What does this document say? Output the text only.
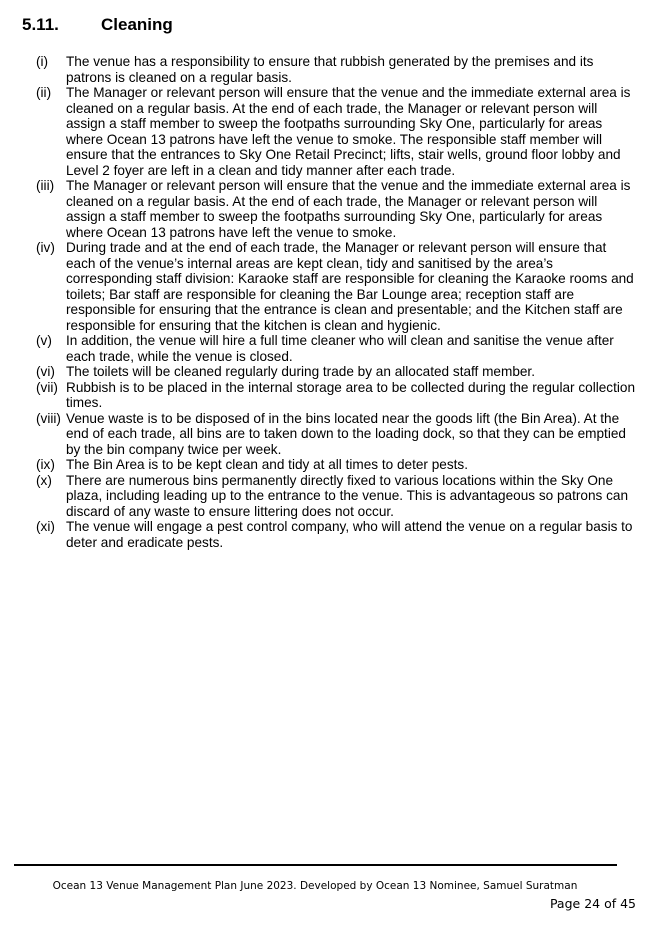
5.11.	Cleaning
(i)	The venue has a responsibility to ensure that rubbish generated by the premises and its patrons is cleaned on a regular basis.
(ii)	The Manager or relevant person will ensure that the venue and the immediate external area is cleaned on a regular basis. At the end of each trade, the Manager or relevant person will assign a staff member to sweep the footpaths surrounding Sky One, particularly for areas where Ocean 13 patrons have left the venue to smoke. The responsible staff member will ensure that the entrances to Sky One Retail Precinct; lifts, stair wells, ground floor lobby and Level 2 foyer are left in a clean and tidy manner after each trade.
(iii) The Manager or relevant person will ensure that the venue and the immediate external area is cleaned on a regular basis. At the end of each trade, the Manager or relevant person will assign a staff member to sweep the footpaths surrounding Sky One, particularly for areas where Ocean 13 patrons have left the venue to smoke.
(iv) During trade and at the end of each trade, the Manager or relevant person will ensure that each of the venue’s internal areas are kept clean, tidy and sanitised by the area’s corresponding staff division: Karaoke staff are responsible for cleaning the Karaoke rooms and toilets; Bar staff are responsible for cleaning the Bar Lounge area; reception staff are responsible for ensuring that the entrance is clean and presentable; and the Kitchen staff are responsible for ensuring that the kitchen is clean and hygienic.
(v)	In addition, the venue will hire a full time cleaner who will clean and sanitise the venue after each trade, while the venue is closed.
(vi) The toilets will be cleaned regularly during trade by an allocated staff member.
(vii) Rubbish is to be placed in the internal storage area to be collected during the regular collection times.
(viii) Venue waste is to be disposed of in the bins located near the goods lift (the Bin Area). At the end of each trade, all bins are to taken down to the loading dock, so that they can be emptied by the bin company twice per week.
(ix) The Bin Area is to be kept clean and tidy at all times to deter pests.
(x)	There are numerous bins permanently directly fixed to various locations within the Sky One plaza, including leading up to the entrance to the venue. This is advantageous so patrons can discard of any waste to ensure littering does not occur.
(xi) The venue will engage a pest control company, who will attend the venue on a regular basis to deter and eradicate pests.
Ocean 13 Venue Management Plan June 2023. Developed by Ocean 13 Nominee, Samuel Suratman
Page 24 of 45
